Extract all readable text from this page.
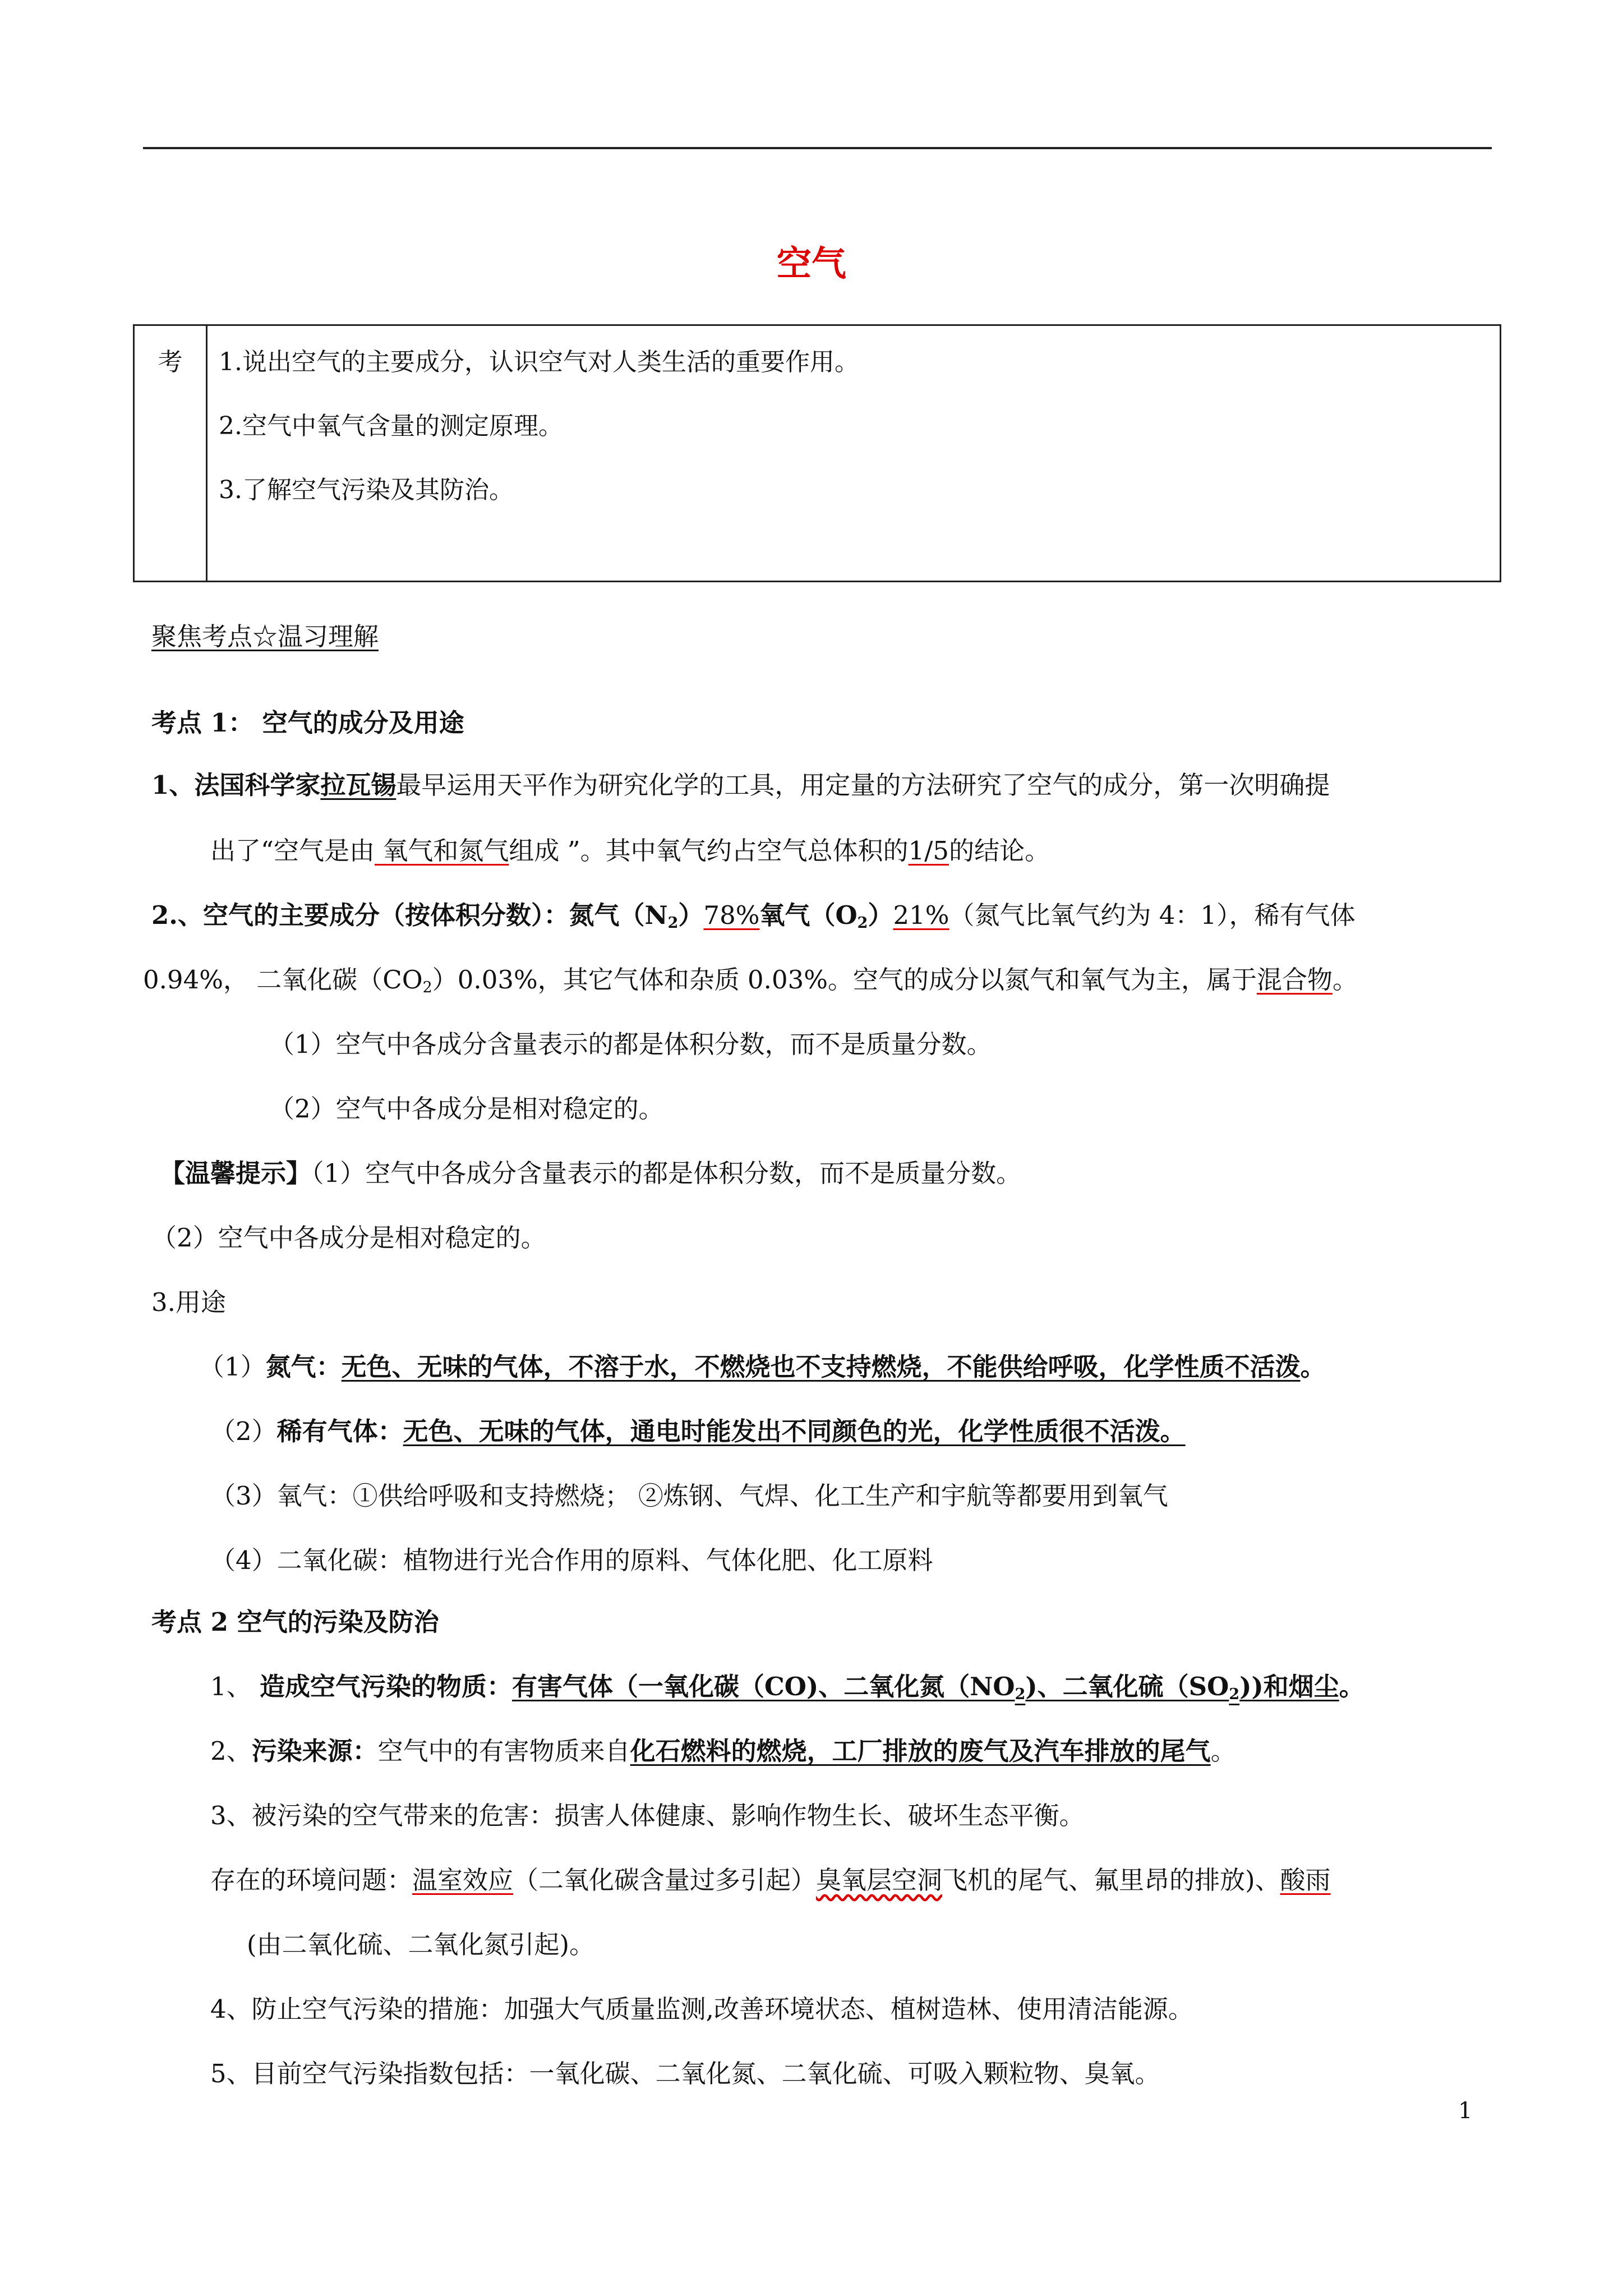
空气
考	1.说出空气的主要成分，认识空气对人类生活的重要作用。
2.空气中氧气含量的测定原理。
3.了解空气污染及其防治。
聚焦考点☆温习理解
考点 1： 空气的成分及用途
1、法国科学家拉瓦锡最早运用天平作为研究化学的工具，用定量的方法研究了空气的成分，第一次明确提
出了“空气是由 氧气和氮气组成 ”。其中氧气约占空气总体积的1/5的结论。
2.、空气的主要成分（按体积分数）：氮气$(N_2)78\%$氧气$(O_2)21\%$（氮气比氧气约为 4：1），稀有气体
0.94%， 二氧化碳$(CO_2)0.03\%$，其它气体和杂质 0.03%。空气的成分以氮气和氧气为主，属于混合物。
（1）空气中各成分含量表示的都是体积分数，而不是质量分数。
（2）空气中各成分是相对稳定的。
【温馨提示】（1）空气中各成分含量表示的都是体积分数，而不是质量分数。
（2）空气中各成分是相对稳定的。
3.用途
（1）氮气：无色、无味的气体，不溶于水，不燃烧也不支持燃烧，不能供给呼吸，化学性质不活泼。
（2）稀有气体：无色、无味的气体，通电时能发出不同颜色的光，化学性质很不活泼。
（3）氧气：①供给呼吸和支持燃烧； ②炼钢、气焊、化工生产和宇航等都要用到氧气
（4）二氧化碳：植物进行光合作用的原料、气体化肥、化工原料
考点 2 空气的污染及防治
1、 造成空气污染的物质：有害气体（一氧化碳（CO)、二氧化氮$(NO_2)$、二氧化硫$(SO_2)$)和烟尘。
2、污染来源：空气中的有害物质来自化石燃料的燃烧，工厂排放的废气及汽车排放的尾气。
3、被污染的空气带来的危害：损害人体健康、影响作物生长、破坏生态平衡。
存在的环境问题：温室效应（二氧化碳含量过多引起）臭氧层空洞飞机的尾气、氟里昂的排放)、酸雨
(由二氧化硫、二氧化氮引起)。
4、防止空气污染的措施：加强大气质量监测,改善环境状态、植树造林、使用清洁能源。
5、目前空气污染指数包括：一氧化碳、二氧化氮、二氧化硫、可吸入颗粒物、臭氧。
1
